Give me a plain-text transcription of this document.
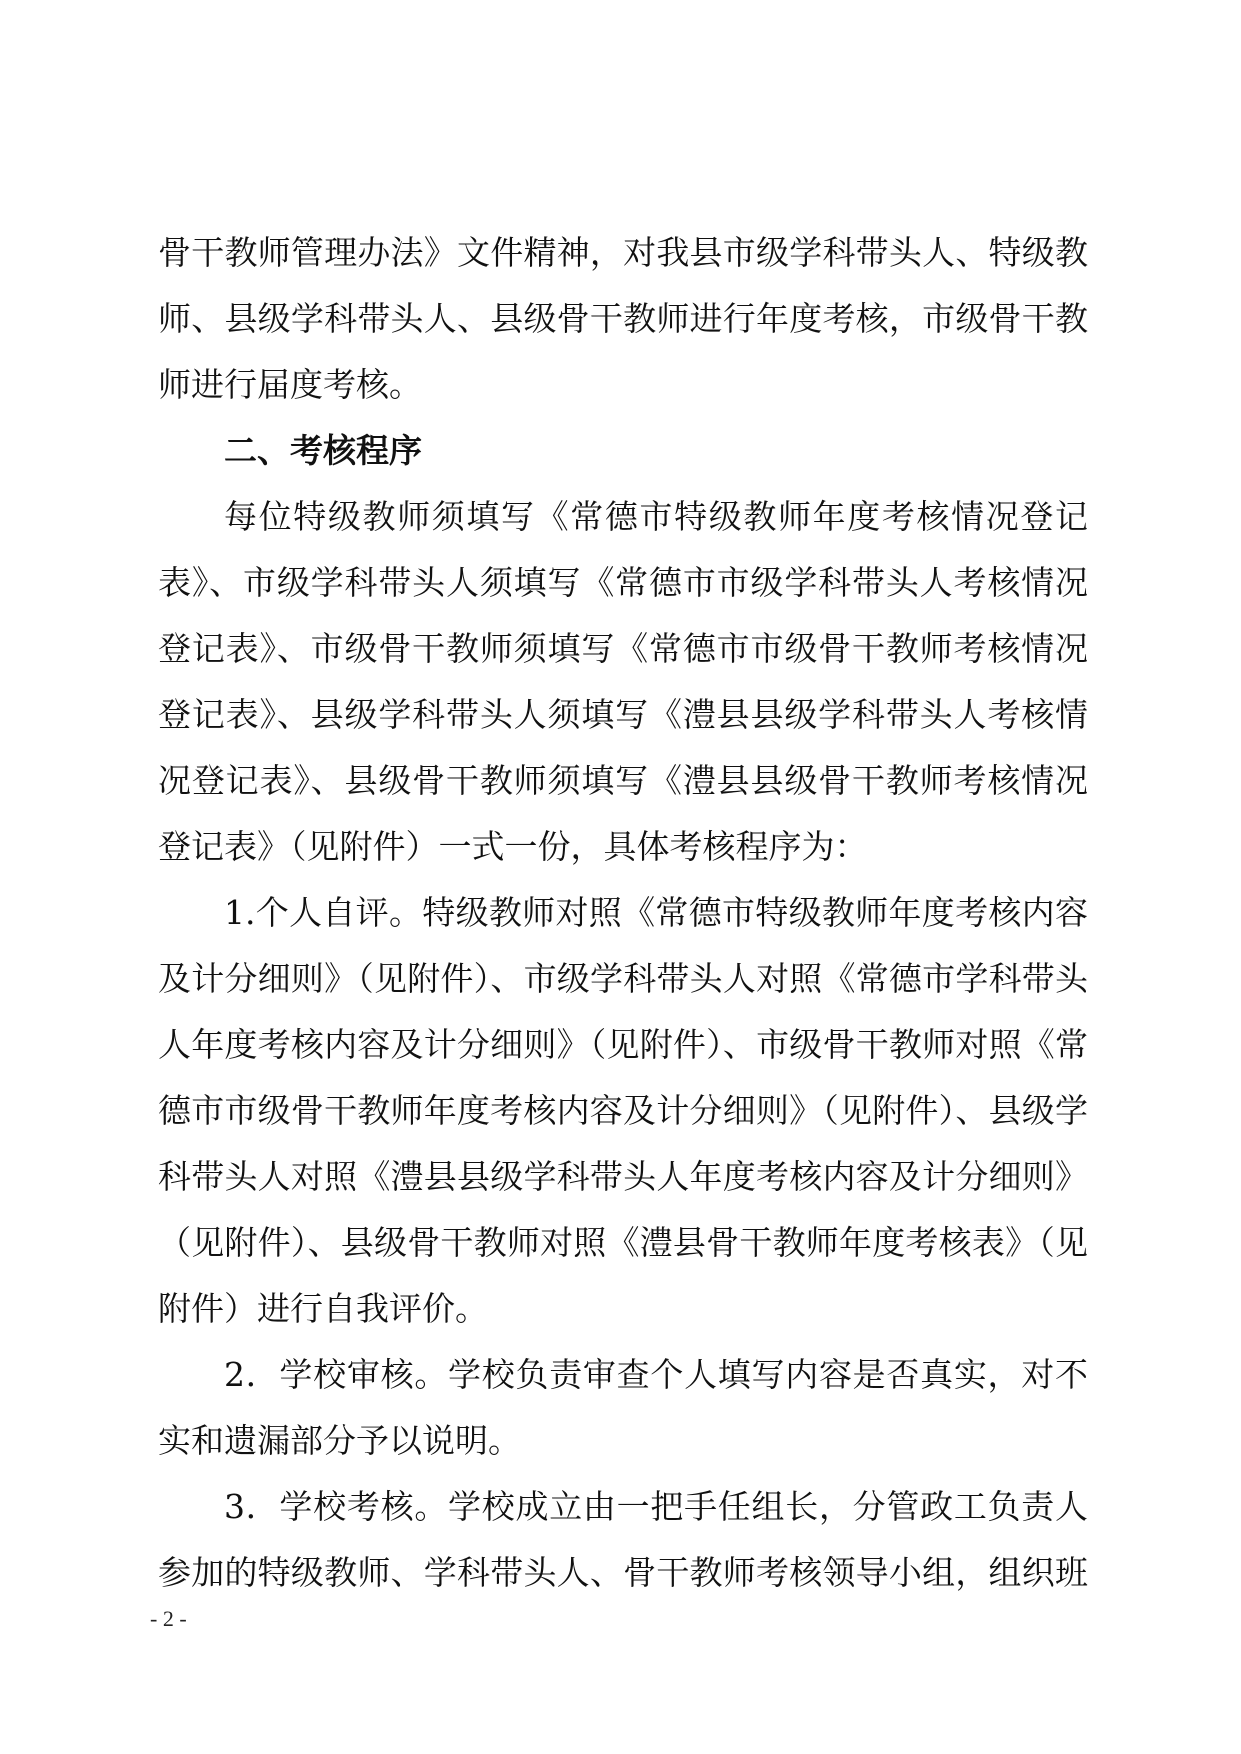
骨干教师管理办法》文件精神，对我县市级学科带头人、特级教
师、县级学科带头人、县级骨干教师进行年度考核，市级骨干教
师进行届度考核。
二、考核程序
每位特级教师须填写《常德市特级教师年度考核情况登记
表》、市级学科带头人须填写《常德市市级学科带头人考核情况
登记表》、市级骨干教师须填写《常德市市级骨干教师考核情况
登记表》、县级学科带头人须填写《澧县县级学科带头人考核情
况登记表》、县级骨干教师须填写《澧县县级骨干教师考核情况
登记表》（见附件）一式一份，具体考核程序为：
1.个人自评。特级教师对照《常德市特级教师年度考核内容
及计分细则》（见附件）、市级学科带头人对照《常德市学科带头
人年度考核内容及计分细则》（见附件）、市级骨干教师对照《常
德市市级骨干教师年度考核内容及计分细则》（见附件）、县级学
科带头人对照《澧县县级学科带头人年度考核内容及计分细则》
（见附件）、县级骨干教师对照《澧县骨干教师年度考核表》（见
附件）进行自我评价。
2．学校审核。学校负责审查个人填写内容是否真实，对不
实和遗漏部分予以说明。
3．学校考核。学校成立由一把手任组长，分管政工负责人
参加的特级教师、学科带头人、骨干教师考核领导小组，组织班
- 2 -
